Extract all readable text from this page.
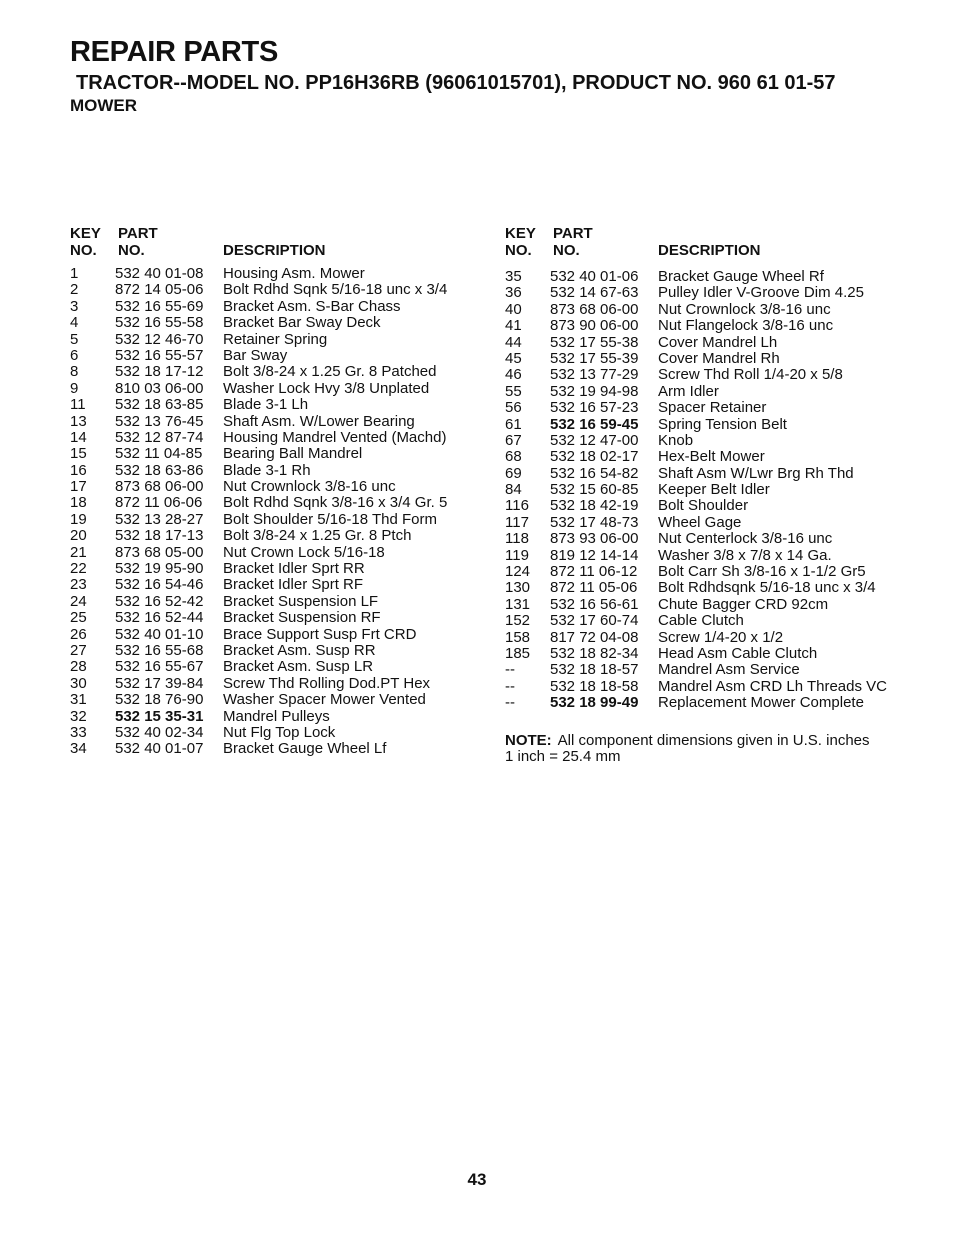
REPAIR PARTS
TRACTOR--MODEL NO. PP16H36RB (96061015701), PRODUCT NO. 960 61 01-57
MOWER
KEY
NO.
PART
NO.	DESCRIPTION
1	532 40 01-08	Housing Asm. Mower
2	872 14 05-06	Bolt Rdhd Sqnk 5/16-18 unc x 3/4
3	532 16 55-69	Bracket Asm. S-Bar Chass
4	532 16 55-58	Bracket Bar Sway Deck
5	532 12 46-70	Retainer Spring
6	532 16 55-57	Bar Sway
8	532 18 17-12	Bolt 3/8-24 x 1.25 Gr. 8 Patched
9	810 03 06-00	Washer Lock Hvy 3/8 Unplated
11	532 18 63-85	Blade 3-1 Lh
13	532 13 76-45	Shaft Asm. W/Lower Bearing
14	532 12 87-74	Housing Mandrel Vented (Machd)
15	532 11 04-85	Bearing Ball Mandrel
16	532 18 63-86	Blade 3-1 Rh
17	873 68 06-00	Nut Crownlock 3/8-16 unc
18	872 11 06-06	Bolt Rdhd Sqnk 3/8-16 x 3/4 Gr. 5
19	532 13 28-27	Bolt Shoulder 5/16-18 Thd Form
20	532 18 17-13	Bolt 3/8-24 x 1.25 Gr. 8 Ptch
21	873 68 05-00	Nut Crown Lock 5/16-18
22	532 19 95-90	Bracket Idler Sprt RR
23	532 16 54-46	Bracket Idler Sprt RF
24	532 16 52-42	Bracket Suspension LF
25	532 16 52-44	Bracket Suspension RF
26	532 40 01-10	Brace Support Susp Frt CRD
27	532 16 55-68	Bracket Asm. Susp RR
28	532 16 55-67	Bracket Asm. Susp LR
30	532 17 39-84	Screw Thd Rolling Dod.PT Hex
31	532 18 76-90	Washer Spacer Mower Vented
32	532 15 35-31	Mandrel Pulleys
33	532 40 02-34	Nut Flg Top Lock
34	532 40 01-07	Bracket Gauge Wheel Lf
KEY
NO.
PART
NO.	DESCRIPTION
35	532 40 01-06	Bracket Gauge Wheel Rf
36	532 14 67-63	Pulley Idler V-Groove Dim 4.25
40	873 68 06-00	Nut Crownlock 3/8-16 unc
41	873 90 06-00	Nut Flangelock 3/8-16 unc
44	532 17 55-38	Cover Mandrel Lh
45	532 17 55-39	Cover Mandrel Rh
46	532 13 77-29	Screw Thd Roll 1/4-20 x 5/8
55	532 19 94-98	Arm Idler
56	532 16 57-23	Spacer Retainer
61	532 16 59-45	Spring Tension Belt
67	532 12 47-00	Knob
68	532 18 02-17	Hex-Belt Mower
69	532 16 54-82	Shaft Asm W/Lwr Brg Rh Thd
84	532 15 60-85	Keeper Belt Idler
116	532 18 42-19	Bolt Shoulder
117	532 17 48-73	Wheel Gage
118	873 93 06-00	Nut Centerlock 3/8-16 unc
119	819 12 14-14	Washer 3/8 x 7/8 x 14 Ga.
124	872 11 06-12	Bolt Carr Sh 3/8-16 x 1-1/2 Gr5
130	872 11 05-06	Bolt Rdhdsqnk 5/16-18 unc x 3/4
131	532 16 56-61	Chute Bagger CRD 92cm
152	532 17 60-74	Cable Clutch
158	817 72 04-08	Screw 1/4-20 x 1/2
185	532 18 82-34	Head Asm Cable Clutch
--	532 18 18-57	Mandrel Asm Service
--	532 18 18-58	Mandrel Asm CRD Lh Threads VC
--	532 18 99-49	Replacement Mower Complete
NOTE: All component dimensions given in U.S. inches
1 inch = 25.4 mm
43
